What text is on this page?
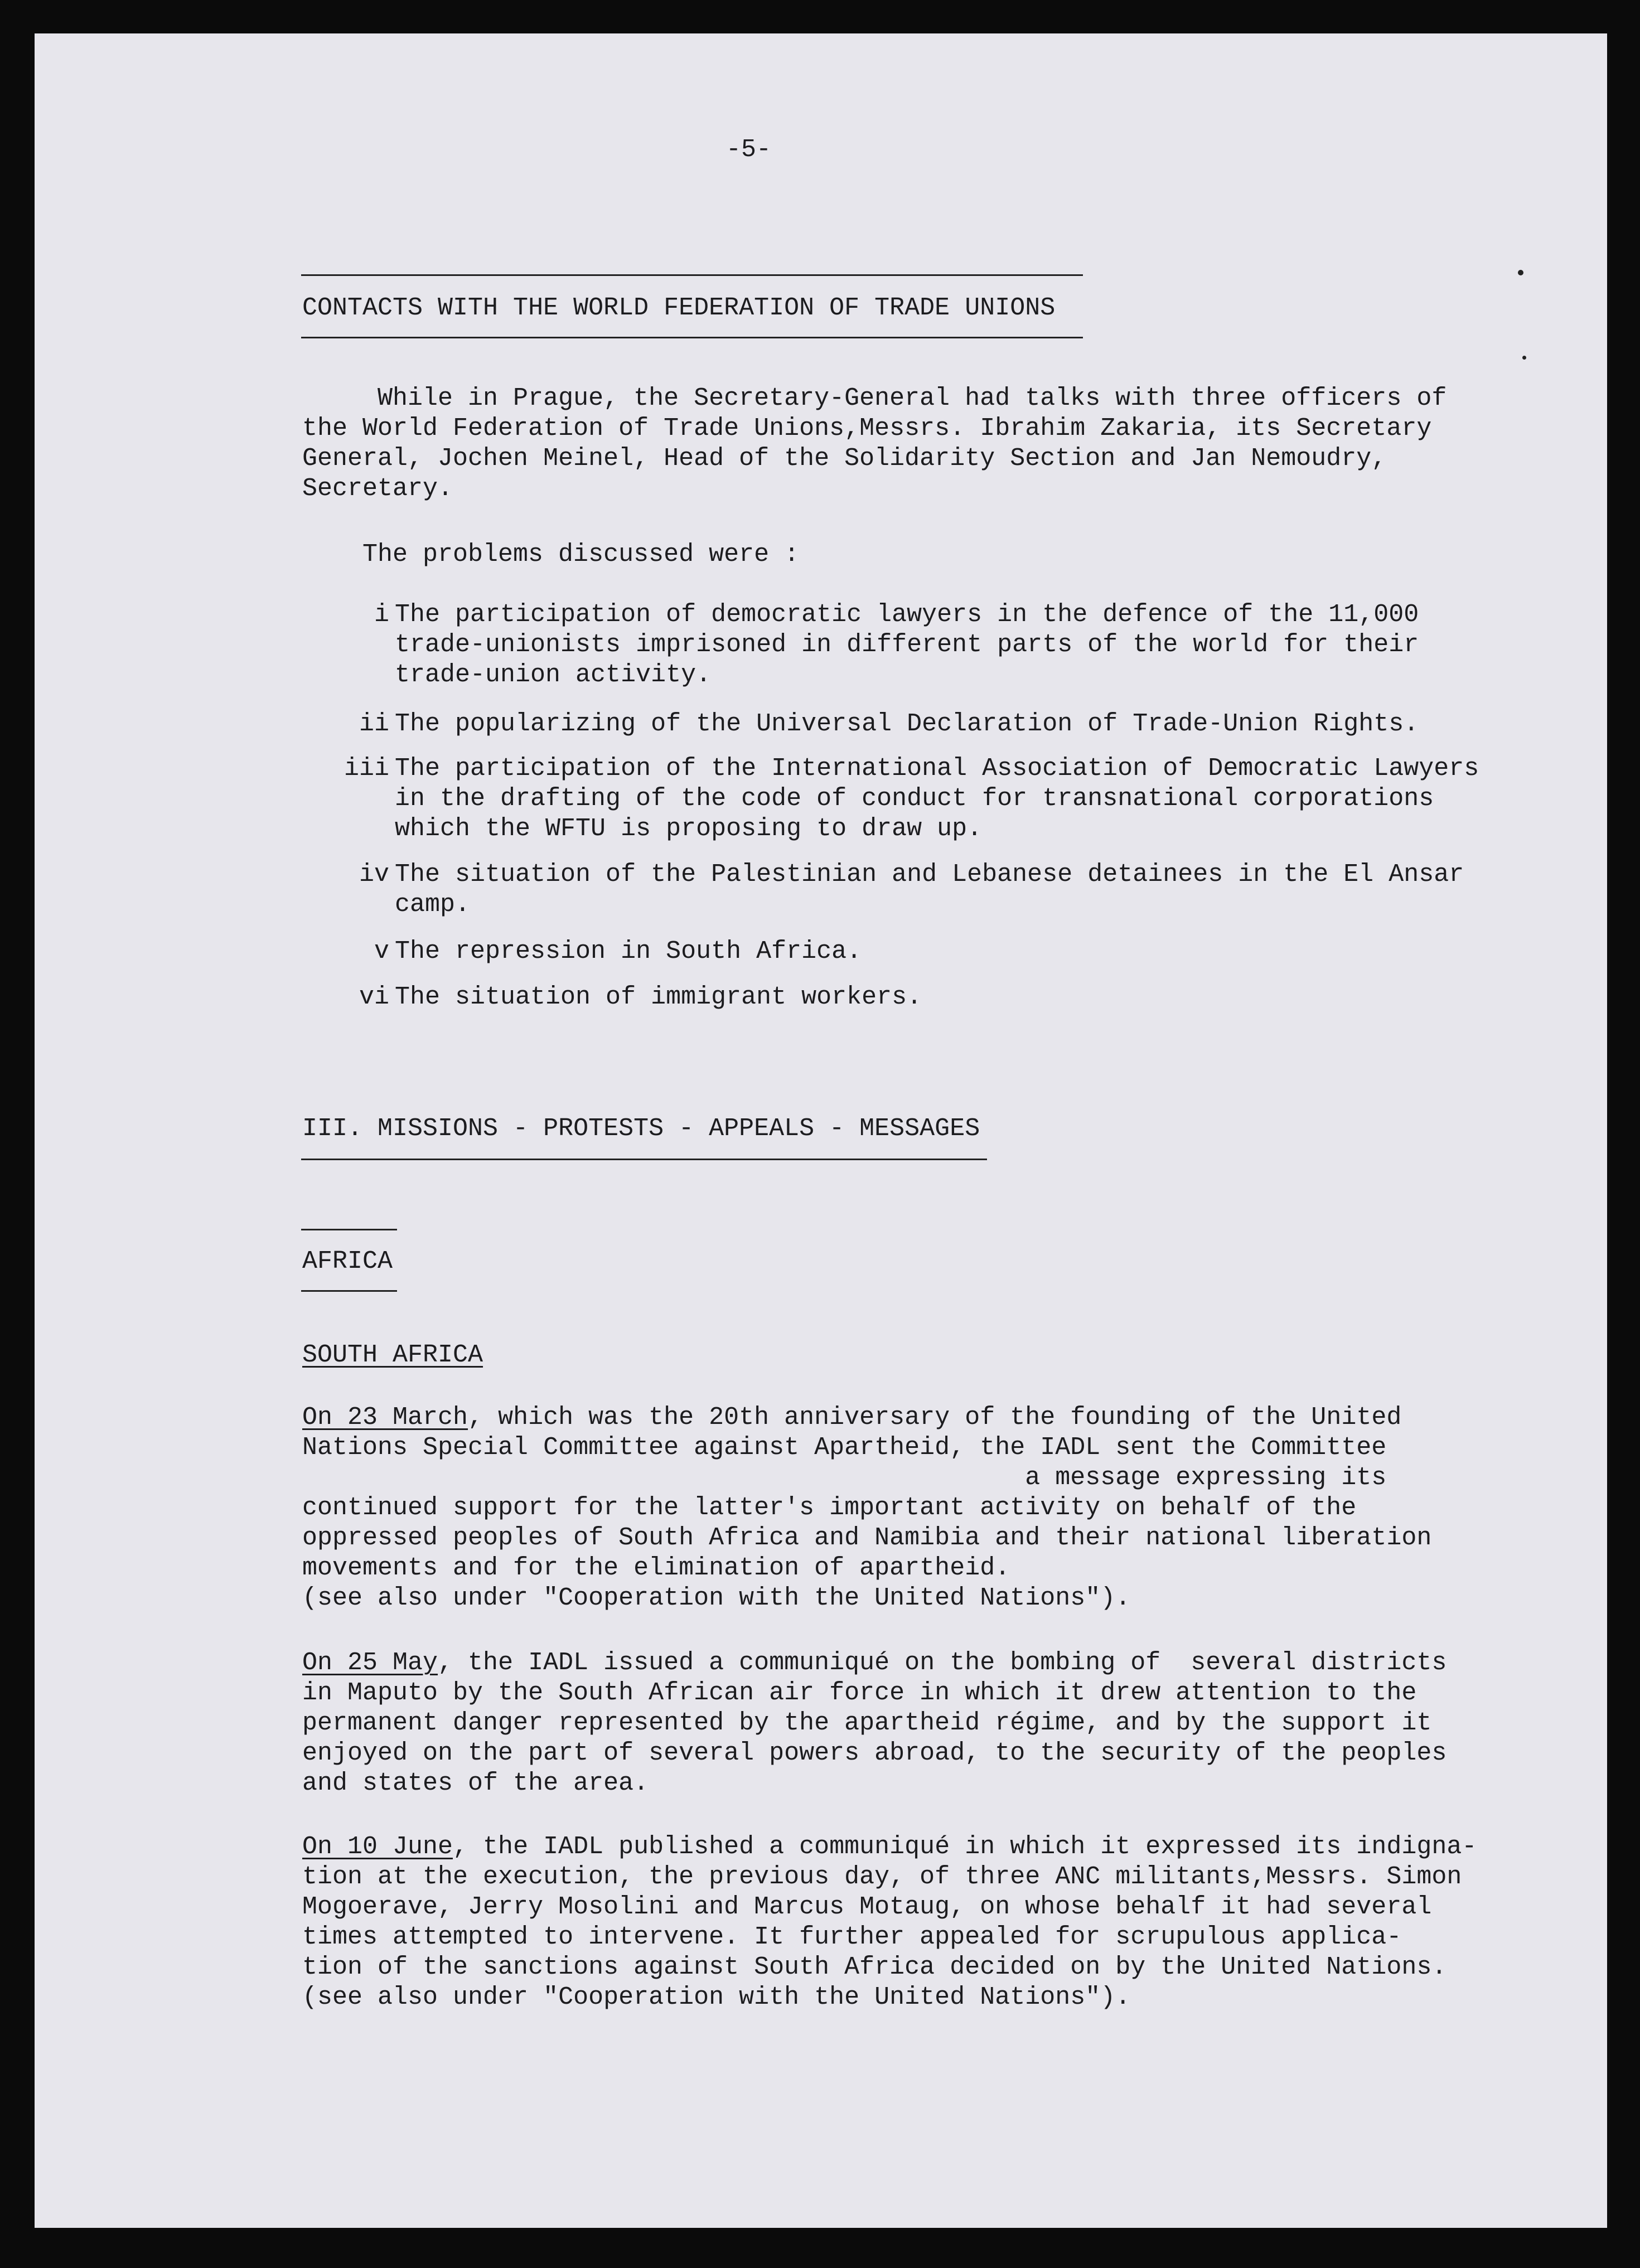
-5-
CONTACTS WITH THE WORLD FEDERATION OF TRADE UNIONS
While in Prague, the Secretary-General had talks with three officers of
the World Federation of Trade Unions,Messrs. Ibrahim Zakaria, its Secretary
General, Jochen Meinel, Head of the Solidarity Section and Jan Nemoudry,
Secretary.
The problems discussed were :
i The participation of democratic lawyers in the defence of the 11,000
trade-unionists imprisoned in different parts of the world for their
trade-union activity.
ii The popularizing of the Universal Declaration of Trade-Union Rights.
iii The participation of the International Association of Democratic Lawyers
in the drafting of the code of conduct for transnational corporations
which the WFTU is proposing to draw up.
iv The situation of the Palestinian and Lebanese detainees in the El Ansar
camp.
v The repression in South Africa.
vi The situation of immigrant workers.
III. MISSIONS - PROTESTS - APPEALS - MESSAGES
AFRICA
SOUTH AFRICA
On 23 March, which was the 20th anniversary of the founding of the United
Nations Special Committee against Apartheid, the IADL sent the Committee
a message expressing its
continued support for the latter's important activity on behalf of the
oppressed peoples of South Africa and Namibia and their national liberation
movements and for the elimination of apartheid.
(see also under "Cooperation with the United Nations").
On 25 May, the IADL issued a communiqué on the bombing of  several districts
in Maputo by the South African air force in which it drew attention to the
permanent danger represented by the apartheid régime, and by the support it
enjoyed on the part of several powers abroad, to the security of the peoples
and states of the area.
On 10 June, the IADL published a communiqué in which it expressed its indigna-
tion at the execution, the previous day, of three ANC militants,Messrs. Simon
Mogoerave, Jerry Mosolini and Marcus Motaug, on whose behalf it had several
times attempted to intervene. It further appealed for scrupulous applica-
tion of the sanctions against South Africa decided on by the United Nations.
(see also under "Cooperation with the United Nations").
